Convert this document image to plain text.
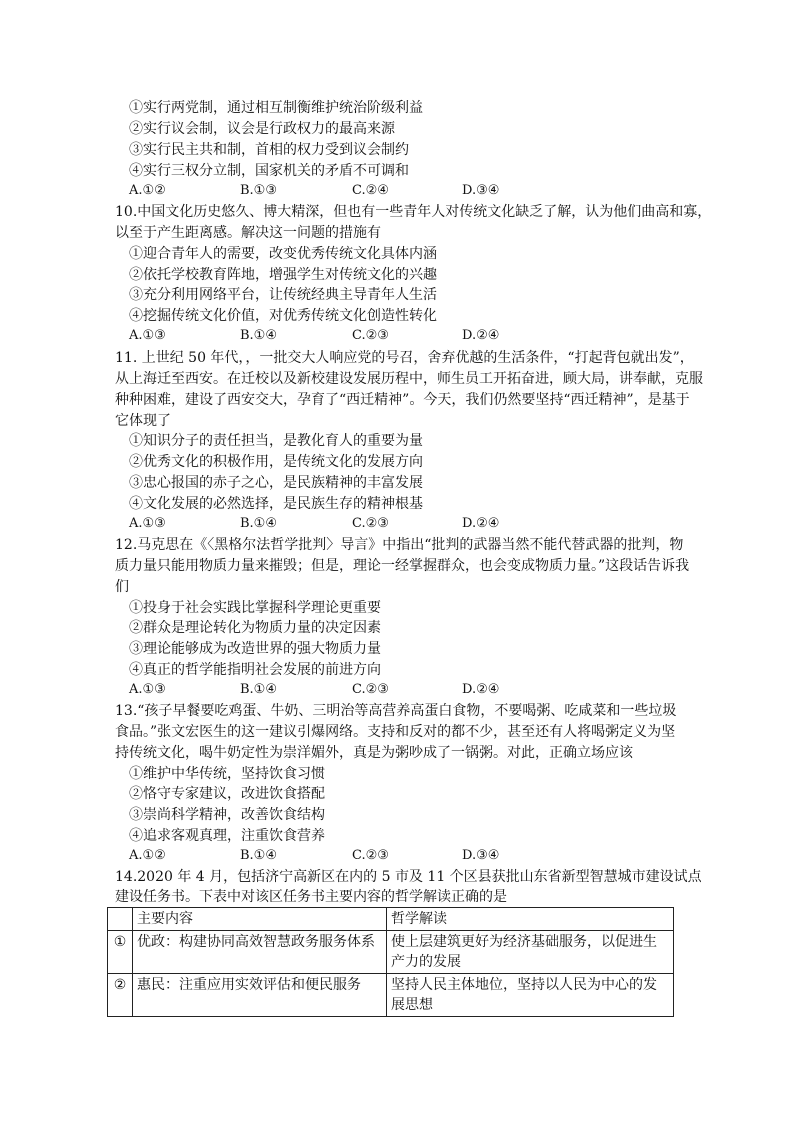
①实行两党制，通过相互制衡维护统治阶级利益
②实行议会制，议会是行政权力的最高来源
③实行民主共和制，首相的权力受到议会制约
④实行三权分立制，国家机关的矛盾不可调和
A.①②	B.①③	C.②④	D.③④
10.中国文化历史悠久、博大精深，但也有一些青年人对传统文化缺乏了解，认为他们曲高和寡，
以至于产生距离感。解决这一问题的措施有
①迎合青年人的需要，改变优秀传统文化具体内涵
②依托学校教育阵地，增强学生对传统文化的兴趣
③充分利用网络平台，让传统经典主导青年人生活
④挖掘传统文化价值，对优秀传统文化创造性转化
A.①③	B.①④	C.②③	D.②④
11. 上世纪 50 年代，，一批交大人响应党的号召，舍弃优越的生活条件，“打起背包就出发”，
从上海迁至西安。在迁校以及新校建设发展历程中，师生员工开拓奋进，顾大局，讲奉献，克服
种种困难，建设了西安交大，孕育了“西迁精神”。今天，我们仍然要坚持“西迁精神”，是基于
它体现了
①知识分子的责任担当，是教化育人的重要为量
②优秀文化的积极作用，是传统文化的发展方向
③忠心报国的赤子之心，是民族精神的丰富发展
④文化发展的必然选择，是民族生存的精神根基
A.①③	B.①④	C.②③	D.②④
12.马克思在《〈黑格尔法哲学批判〉导言》中指出“批判的武器当然不能代替武器的批判，物
质力量只能用物质力量来摧毁；但是，理论一经掌握群众，也会变成物质力量。”这段话告诉我
们
①投身于社会实践比掌握科学理论更重要
②群众是理论转化为物质力量的决定因素
③理论能够成为改造世界的强大物质力量
④真正的哲学能指明社会发展的前进方向
A.①③	B.①④	C.②③	D.②④
13.“孩子早餐要吃鸡蛋、牛奶、三明治等高营养高蛋白食物，不要喝粥、吃咸菜和一些垃圾
食品。”张文宏医生的这一建议引爆网络。支持和反对的都不少，甚至还有人将喝粥定义为坚
持传统文化，喝牛奶定性为崇洋媚外，真是为粥吵成了一锅粥。对此，正确立场应该
①维护中华传统，坚持饮食习惯
②恪守专家建议，改进饮食搭配
③崇尚科学精神，改善饮食结构
④追求客观真理，注重饮食营养
A.①②	B.①④	C.②③	D.③④
14.2020 年 4 月，包括济宁高新区在内的 5 市及 11 个区县获批山东省新型智慧城市建设试点
建设任务书。下表中对该区任务书主要内容的哲学解读正确的是
	主要内容	哲学解读
①	优政：构建协同高效智慧政务服务体系	使上层建筑更好为经济基础服务，以促进生产力的发展
②	惠民：注重应用实效评估和便民服务	坚持人民主体地位，坚持以人民为中心的发展思想
